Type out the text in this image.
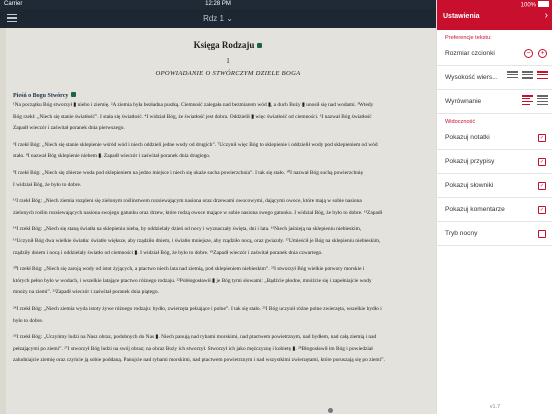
Carrier	12:28 PM
Rdz 1 ⌄
Księga Rodzaju
1
OPOWIADANIE O STWÓRCZYM DZIELE BOGA
Pieśń o Bogu Stwórcy
¹Na początku Bóg stworzył ▮ niebo i ziemię. ²A ziemia była bezładna pustką. Ciemność zalegała nad bezmiarem wód ▮, a duch Boży ▮ unosił się nad wodami. ³Wtedy
Bóg rzekł: „Niech się stanie światłość”. I stała się światłość. ⁴I widział Bóg, że światłość jest dobra. Oddzielił ▮ więc światłość od ciemności. ⁵I nazwał Bóg światłość
Zapadł wieczór i zaświtał poranek dnia pierwszego.
⁶I rzekł Bóg: „Niech się stanie sklepienie wśród wód i niech oddzieli jedne wody od drugich”. ⁷Uczynił więc Bóg to sklepienie i oddzielił wody pod sklepieniem od wód
stało. ⁸I nazwał Bóg sklepienie niebem ▮. Zapadł wieczór i zaświtał poranek dnia drugiego.
⁹I rzekł Bóg: „Niech się zbierze woda pod sklepieniem na jedno miejsce i niech się ukaże sucha powierzchnia”. I tak się stało. ¹⁰I nazwał Bóg suchą powierzchnię
I widział Bóg, że było to dobre.
¹¹I rzekł Bóg: „Niech ziemia rozpleni się zielonym roślinstwem rozsiewającym nasiona oraz drzewami owocowymi, dającymi owoce, które mają w sobie nasiona
zielonych roślin rozsiewających nasiona swojego gatunku oraz drzew, które rodzą owoce mające w sobie nasiona swego gatunku. I widział Bóg, że było to dobre. ¹³Zapadł
¹⁴I rzekł Bóg: „Niech się staną światła na sklepieniu nieba, by oddzielały dzień od nocy i wyznaczały święta, dni i lata. ¹⁵Niech jaśnieją na sklepieniu niebieskim,
¹⁶Uczynił Bóg dwa wielkie światła: światło większe, aby rządziło dniem, i światło mniejsze, aby rządziło nocą, oraz gwiazdy. ¹⁷Umieścił je Bóg na sklepieniu niebieskim,
rządziły dniem i nocą i oddzielały światło od ciemności ▮. I widział Bóg, że było to dobre. ¹⁹Zapadł wieczór i zaświtał poranek dnia czwartego.
²⁰I rzekł Bóg: „Niech się zaroją wody od istot żyjących, a ptactwo niech lata nad ziemią, pod sklepieniem niebieskim”. ²¹I stworzył Bóg wielkie potwory morskie i
których pełno było w wodach, i wszelkie latające ptactwo różnego rodzaju. ²²Pobłogosławił ▮ je Bóg tymi słowami: „Bądźcie płodne, mnóżcie się i zapełniajcie wody
mnoży na ziemi”. ²³Zapadł wieczór i zaświtał poranek dnia piątego.
²⁴I rzekł Bóg: „Niech ziemia wyda istoty żywe różnego rodzaju: bydło, zwierzęta pełzające i polne”. I tak się stało. ²⁵I Bóg uczynił różne polne zwierzęta, wszelkie bydło i
było to dobre.
²⁶I rzekł Bóg: „Uczyńmy ludzi na Nasz obraz, podobnych do Nas ▮. Niech panują nad rybami morskimi, nad ptactwem powietrznym, nad bydłem, nad całą ziemią i nad
pełzającymi po ziemi”. ²⁷I stworzył Bóg ludzi na swój obraz; na obraz Boży ich stworzył. Stworzył ich jako mężczyznę i kobietę ▮. ²⁸Błogosławił im Bóg i powiedział
zaludniajcie ziemię oraz czyńcie ją sobie poddaną. Panujcie nad rybami morskimi, nad ptactwem powietrznym i nad wszystkimi zwierzętami, które poruszają się po ziemi”.
100%
Ustawienia	›
Preferencje tekstu:
Rozmiar czcionki	−	+
Wysokość wiers...
Wyrównanie
Widoczność
Pokazuj notatki	✓
Pokazuj przypisy	✓
Pokazuj słowniki	✓
Pokazuj komentarze	✓
Tryb nocny
v1.7
